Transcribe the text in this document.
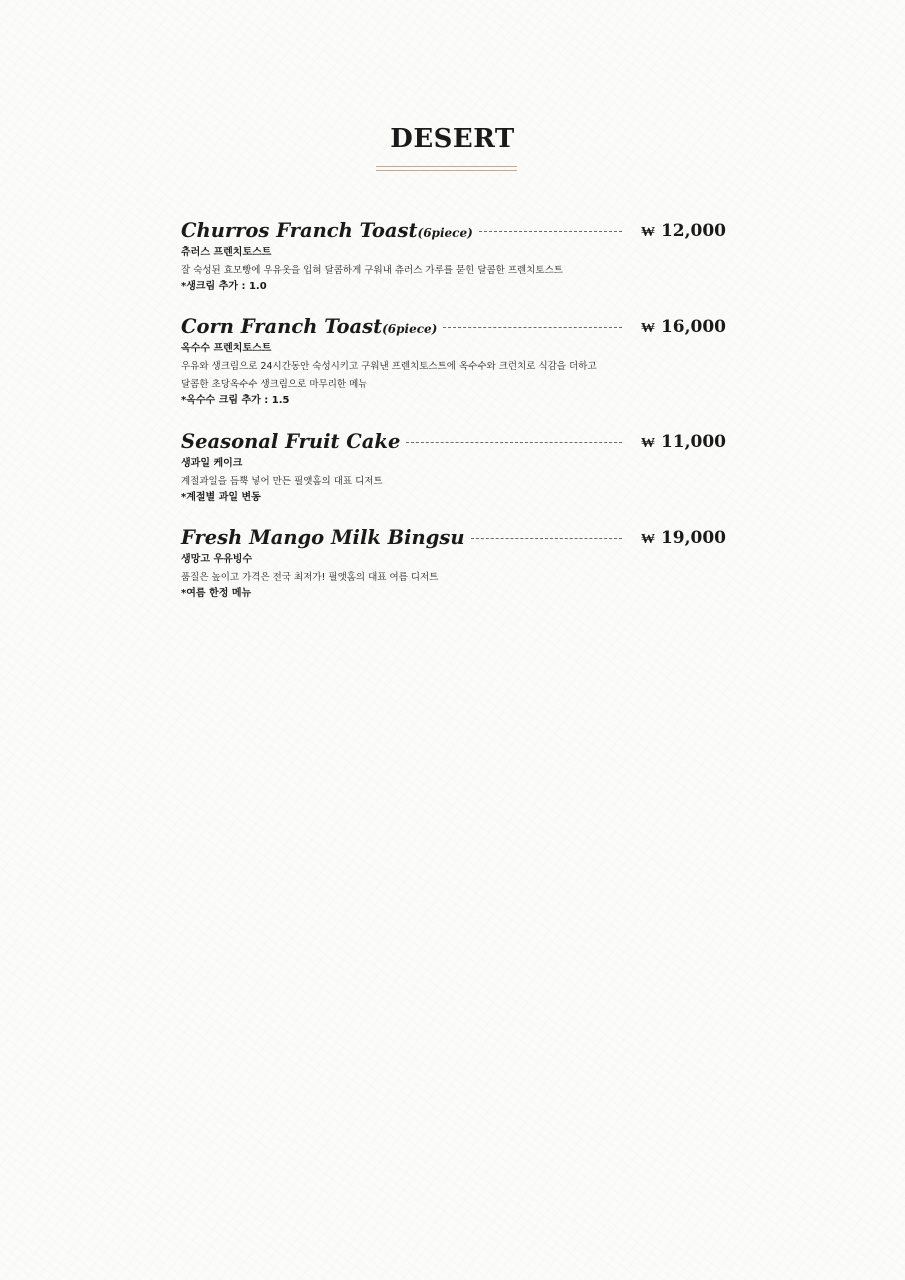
DESERT
Churros Franch Toast(6piece)	₩ 12,000
츄러스 프렌치토스트
잘 숙성된 효모빵에 우유옷을 입혀 달콤하게 구워내 츄러스 가루를 묻힌 달콤한 프렌치토스트
*생크림 추가 : 1.0
Corn Franch Toast(6piece)	₩ 16,000
옥수수 프렌치토스트
우유와 생크림으로 24시간동안 숙성시키고 구워낸 프렌치토스트에 옥수수와 크런치로 식감을 더하고
달콤한 초당옥수수 생크림으로 마무리한 메뉴
*옥수수 크림 추가 : 1.5
Seasonal Fruit Cake	₩ 11,000
생과일 케이크
계절과일을 듬뿍 넣어 만든 필앳홈의 대표 디저트
*계절별 과일 변동
Fresh Mango Milk Bingsu	₩ 19,000
생망고 우유빙수
품질은 높이고 가격은 전국 최저가! 필앳홈의 대표 여름 디저트
*여름 한정 메뉴
